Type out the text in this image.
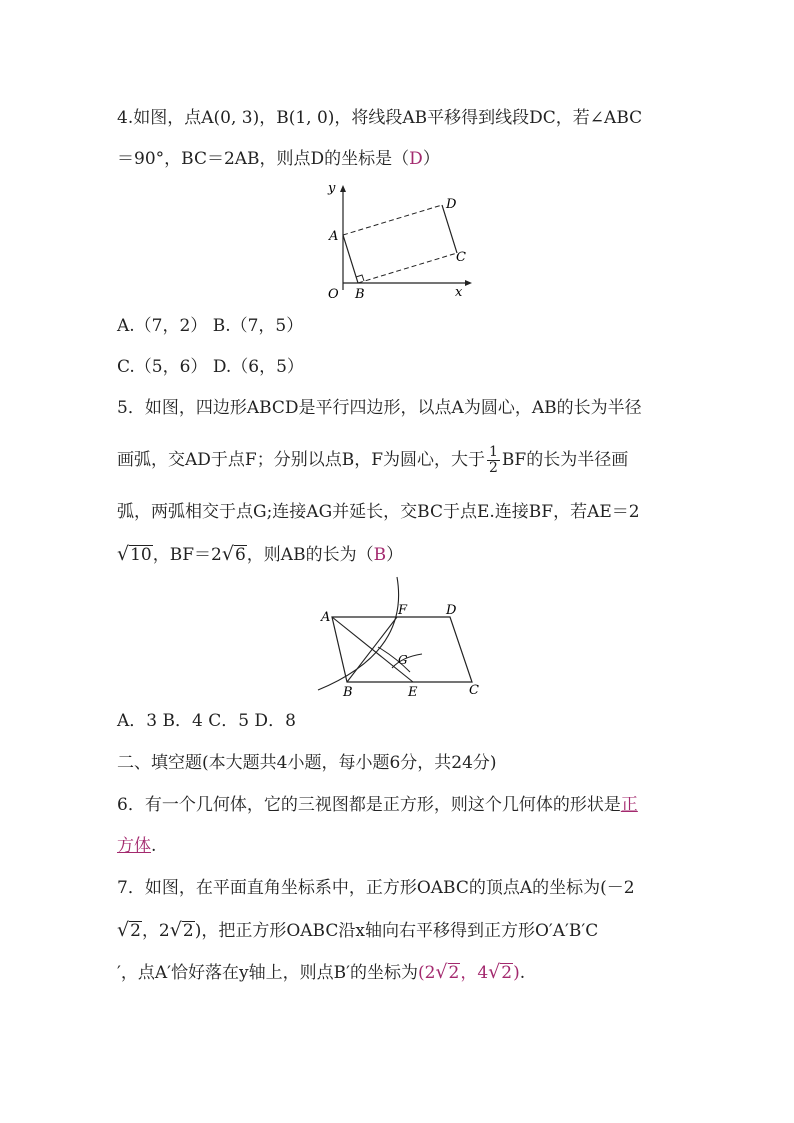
4.如图，点A(0, 3)，B(1, 0)，将线段AB平移得到线段DC，若∠ABC
＝90°，BC＝2AB，则点D的坐标是（D）
y
A
D
C
O B	x
A.（7，2） B.（7，5）
C.（5，6） D.（6，5）
5．如图，四边形ABCD是平行四边形，以点A为圆心，AB的长为半径
画弧，交AD于点F；分别以点B，F为圆心，大于 $\frac{1}{2}$ BF的长为半径画
弧，两弧相交于点G;连接AG并延长，交BC于点E.连接BF，若AE＝2
√10，BF＝2√6，则AB的长为（B）
A	F	D
G
B	E	C
A．3 B．4 C．5 D．8
二、填空题(本大题共4小题，每小题6分，共24分)
6．有一个几何体，它的三视图都是正方形，则这个几何体的形状是正
方体.
7．如图，在平面直角坐标系中，正方形OABC的顶点A的坐标为(－2
√2，2√2)，把正方形OABC沿x轴向右平移得到正方形O′A′B′C
′，点A′恰好落在y轴上，则点B′的坐标为(2√2，4√2).
